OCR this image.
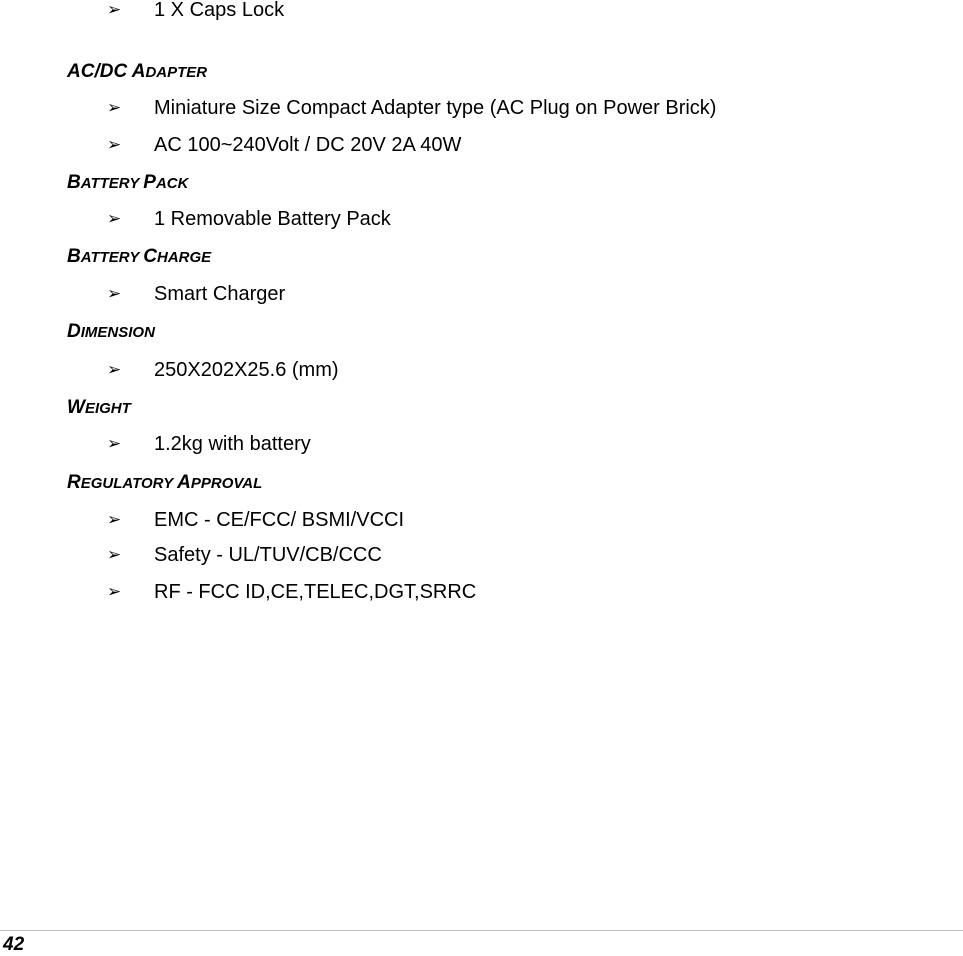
➢ 1 X Caps Lock
AC/DC ADAPTER
➢ Miniature Size Compact Adapter type (AC Plug on Power Brick)
➢ AC 100~240Volt / DC 20V 2A 40W
BATTERY PACK
➢ 1 Removable Battery Pack
BATTERY CHARGE
➢ Smart Charger
DIMENSION
➢ 250X202X25.6 (mm)
WEIGHT
➢ 1.2kg with battery
REGULATORY APPROVAL
➢ EMC - CE/FCC/ BSMI/VCCI
➢ Safety - UL/TUV/CB/CCC
➢ RF - FCC ID,CE,TELEC,DGT,SRRC
42
